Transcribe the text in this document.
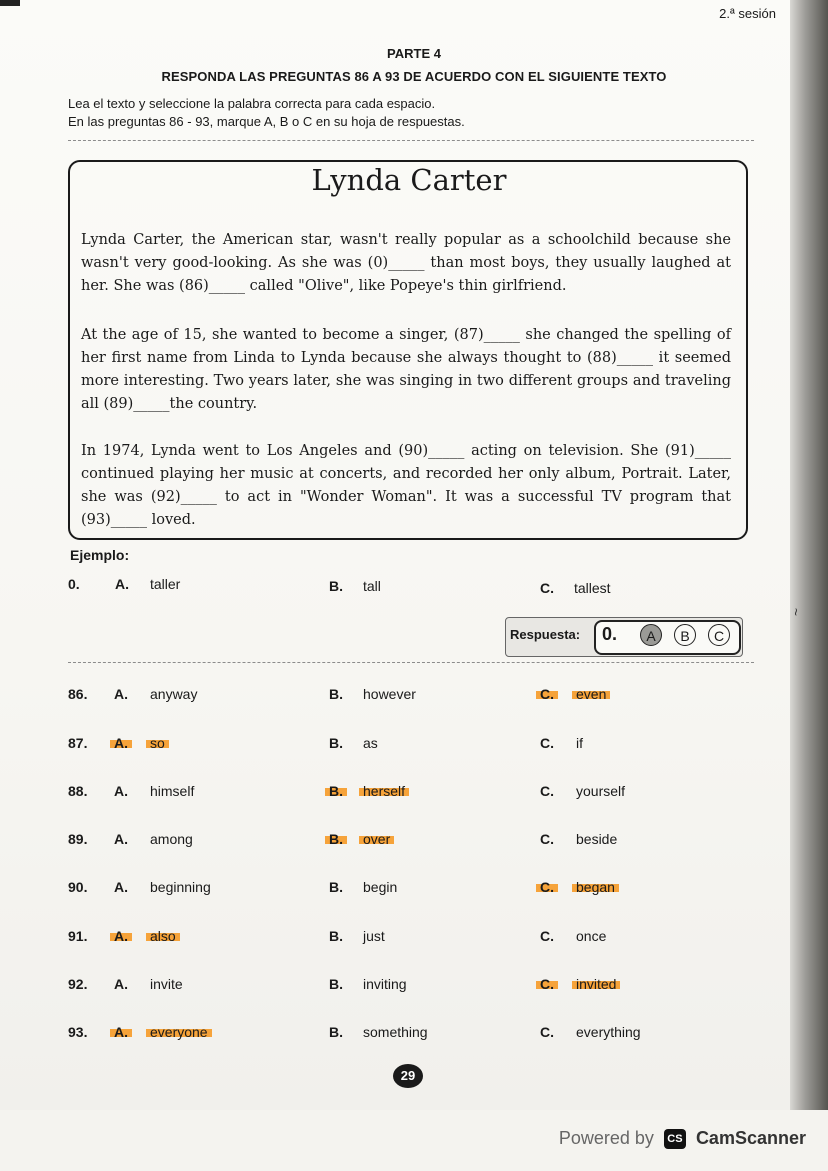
2.ª sesión
PARTE 4
RESPONDA LAS PREGUNTAS 86 A 93 DE ACUERDO CON EL SIGUIENTE TEXTO
Lea el texto y seleccione la palabra correcta para cada espacio.
En las preguntas 86 - 93, marque A, B o C en su hoja de respuestas.
Lynda Carter
Lynda Carter, the American star, wasn't really popular as a schoolchild because she wasn't very good-looking. As she was (0)_____ than most boys, they usually laughed at her. She was (86)_____ called "Olive", like Popeye's thin girlfriend.
At the age of 15, she wanted to become a singer, (87)_____ she changed the spelling of her first name from Linda to Lynda because she always thought to (88)_____ it seemed more interesting. Two years later, she was singing in two different groups and traveling all (89)_____the country.
In 1974, Lynda went to Los Angeles and (90)_____ acting on television. She (91)_____ continued playing her music at concerts, and recorded her only album, Portrait. Later, she was (92)_____ to act in "Wonder Woman". It was a successful TV program that (93)_____ loved.
Ejemplo:
0.	A. taller	B. tall	C. tallest
Respuesta: 0.	A	B	C
~
86.	A. anyway	B. however	C. even
87.	A. so	B. as	C. if
88.	A. himself	B. herself	C. yourself
89.	A. among	B. over	C. beside
90.	A. beginning	B. begin	C. began
91.	A. also	B. just	C. once
92.	A. invite	B. inviting	C. invited
93.	A. everyone	B. something	C. everything
29
Powered by	CS CamScanner
